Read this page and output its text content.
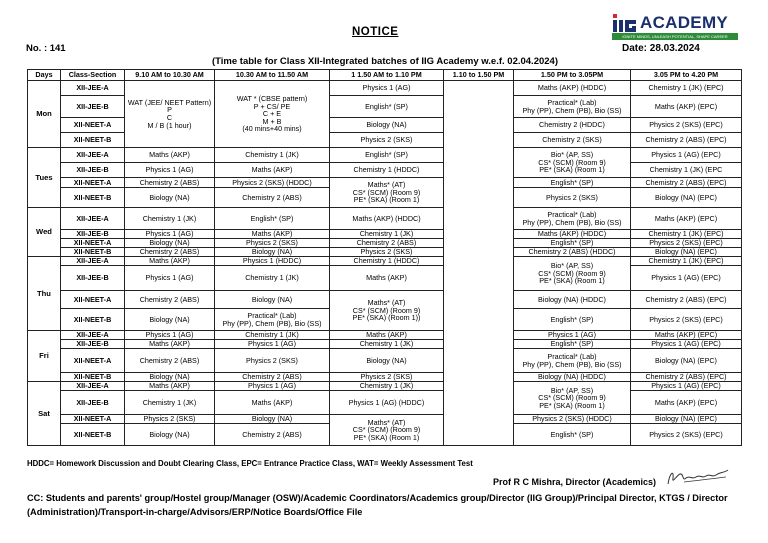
NOTICE	ACADEMY
IGNITE MINDS, UNLEASH POTENTIAL, SHAPE CAREER
No. : 141	Date: 28.03.2024
(Time table for Class XII-Integrated batches of IIG Academy w.e.f. 02.04.2024)
Days	Class-Section	9.10 AM to 10.30 AM	10.30 AM to 11.50 AM	1 1.50 AM to 1.10 PM	1.10 to 1.50 PM	1.50 PM to 3.05PM	3.05 PM to 4.20 PM
Mon	XII-JEE-A	WAT (JEE/ NEET Pattern)
P
C
M / B (1 hour)	WAT * (CBSE pattern)
P + CS/ PE
C + E
M + B
(40 mins+40 mins)	Physics 1 (AG)		Maths (AKP) (HDDC)	Chemistry 1 (JK) (EPC)
	XII-JEE-B			English* (SP)		Practical* (Lab)
Phy (PP), Chem (PB), Bio (SS)	Maths (AKP) (EPC)
	XII-NEET-A			Biology (NA)		Chemistry 2 (HDDC)	Physics 2 (SKS) (EPC)
	XII-NEET-B			Physics 2 (SKS)		Chemistry 2 (SKS)	Chemistry 2 (ABS) (EPC)
Tues	XII-JEE-A	Maths (AKP)	Chemistry 1 (JK)	English* (SP)		Bio* (AP, SS)
CS* (SCM) (Room 9)
PE* (SKA) (Room 1)	Physics 1 (AG) (EPC)
	XII-JEE-B	Physics 1 (AG)	Maths (AKP)	Chemistry 1 (HDDC)			Chemistry 1 (JK) (EPC
	XII-NEET-A	Chemistry 2 (ABS)	Physics 2 (SKS) (HDDC)	Maths* (AT)
CS* (SCM) (Room 9)
PE* (SKA) (Room 1)		English* (SP)	Chemistry 2 (ABS) (EPC)
	XII-NEET-B	Biology (NA)	Chemistry 2 (ABS)			Physics 2 (SKS)	Biology (NA) (EPC)
Wed	XII-JEE-A	Chemistry 1 (JK)	English* (SP)	Maths (AKP) (HDDC)		Practical* (Lab)
Phy (PP), Chem (PB), Bio (SS)	Maths (AKP) (EPC)
	XII-JEE-B	Physics 1 (AG)	Maths (AKP)	Chemistry 1 (JK)		Maths (AKP) (HDDC)	Chemistry 1 (JK) (EPC)
	XII-NEET-A	Biology (NA)	Physics 2 (SKS)	Chemistry 2 (ABS)		English* (SP)	Physics 2 (SKS) (EPC)
	XII-NEET-B	Chemistry 2 (ABS)	Biology (NA)	Physics 2 (SKS)		Chemistry 2 (ABS) (HDDC)	Biology (NA) (EPC)
Thu	XII-JEE-A	Maths (AKP)	Physics 1 (HDDC)	Chemistry 1 (HDDC)		Bio* (AP, SS)
CS* (SCM) (Room 9)
PE* (SKA) (Room 1)	Chemistry 1 (JK) (EPC)
	XII-JEE-B	Physics 1 (AG)	Chemistry 1 (JK)	Maths (AKP)			Physics 1 (AG) (EPC)
	XII-NEET-A	Chemistry 2 (ABS)	Biology (NA)	Maths* (AT)
CS* (SCM) (Room 9)
PE* (SKA) (Room 1))		Biology (NA) (HDDC)	Chemistry 2 (ABS) (EPC)
	XII-NEET-B	Biology (NA)	Practical* (Lab)
Phy (PP), Chem (PB), Bio (SS)			English* (SP)	Physics 2 (SKS) (EPC)
Fri	XII-JEE-A	Physics 1 (AG)	Chemistry 1 (JK)	Maths (AKP)		Physics 1 (AG)	Maths (AKP) (EPC)
	XII-JEE-B	Maths (AKP)	Physics 1 (AG)	Chemistry 1 (JK)		English* (SP)	Physics 1 (AG) (EPC)
	XII-NEET-A	Chemistry 2 (ABS)	Physics 2 (SKS)	Biology (NA)		Practical* (Lab)
Phy (PP), Chem (PB), Bio (SS)	Biology (NA) (EPC)
	XII-NEET-B	Biology (NA)	Chemistry 2 (ABS)	Physics 2 (SKS)		Biology (NA) (HDDC)	Chemistry 2 (ABS) (EPC)
Sat	XII-JEE-A	Maths (AKP)	Physics 1 (AG)	Chemistry 1 (JK)		Bio* (AP, SS)
CS* (SCM) (Room 9)
PE* (SKA) (Room 1)	Physics 1 (AG) (EPC)
	XII-JEE-B	Chemistry 1 (JK)	Maths (AKP)	Physics 1 (AG) (HDDC)			Maths (AKP) (EPC)
	XII-NEET-A	Physics 2 (SKS)	Biology (NA)	Maths* (AT)
CS* (SCM) (Room 9)
PE* (SKA) (Room 1)		Physics 2 (SKS) (HDDC)	Biology (NA) (EPC)
	XII-NEET-B	Biology (NA)	Chemistry 2 (ABS)			English* (SP)	Physics 2 (SKS) (EPC)
HDDC= Homework Discussion and Doubt Clearing Class, EPC= Entrance Practice Class, WAT= Weekly Assessment Test
Prof R C Mishra, Director (Academics)
CC: Students and parents' group/Hostel group/Manager (OSW)/Academic Coordinators/Academics group/Director (IIG Group)/Principal Director, KTGS / Director (Administration)/Transport-in-charge/Advisors/ERP/Notice Boards/Office File
